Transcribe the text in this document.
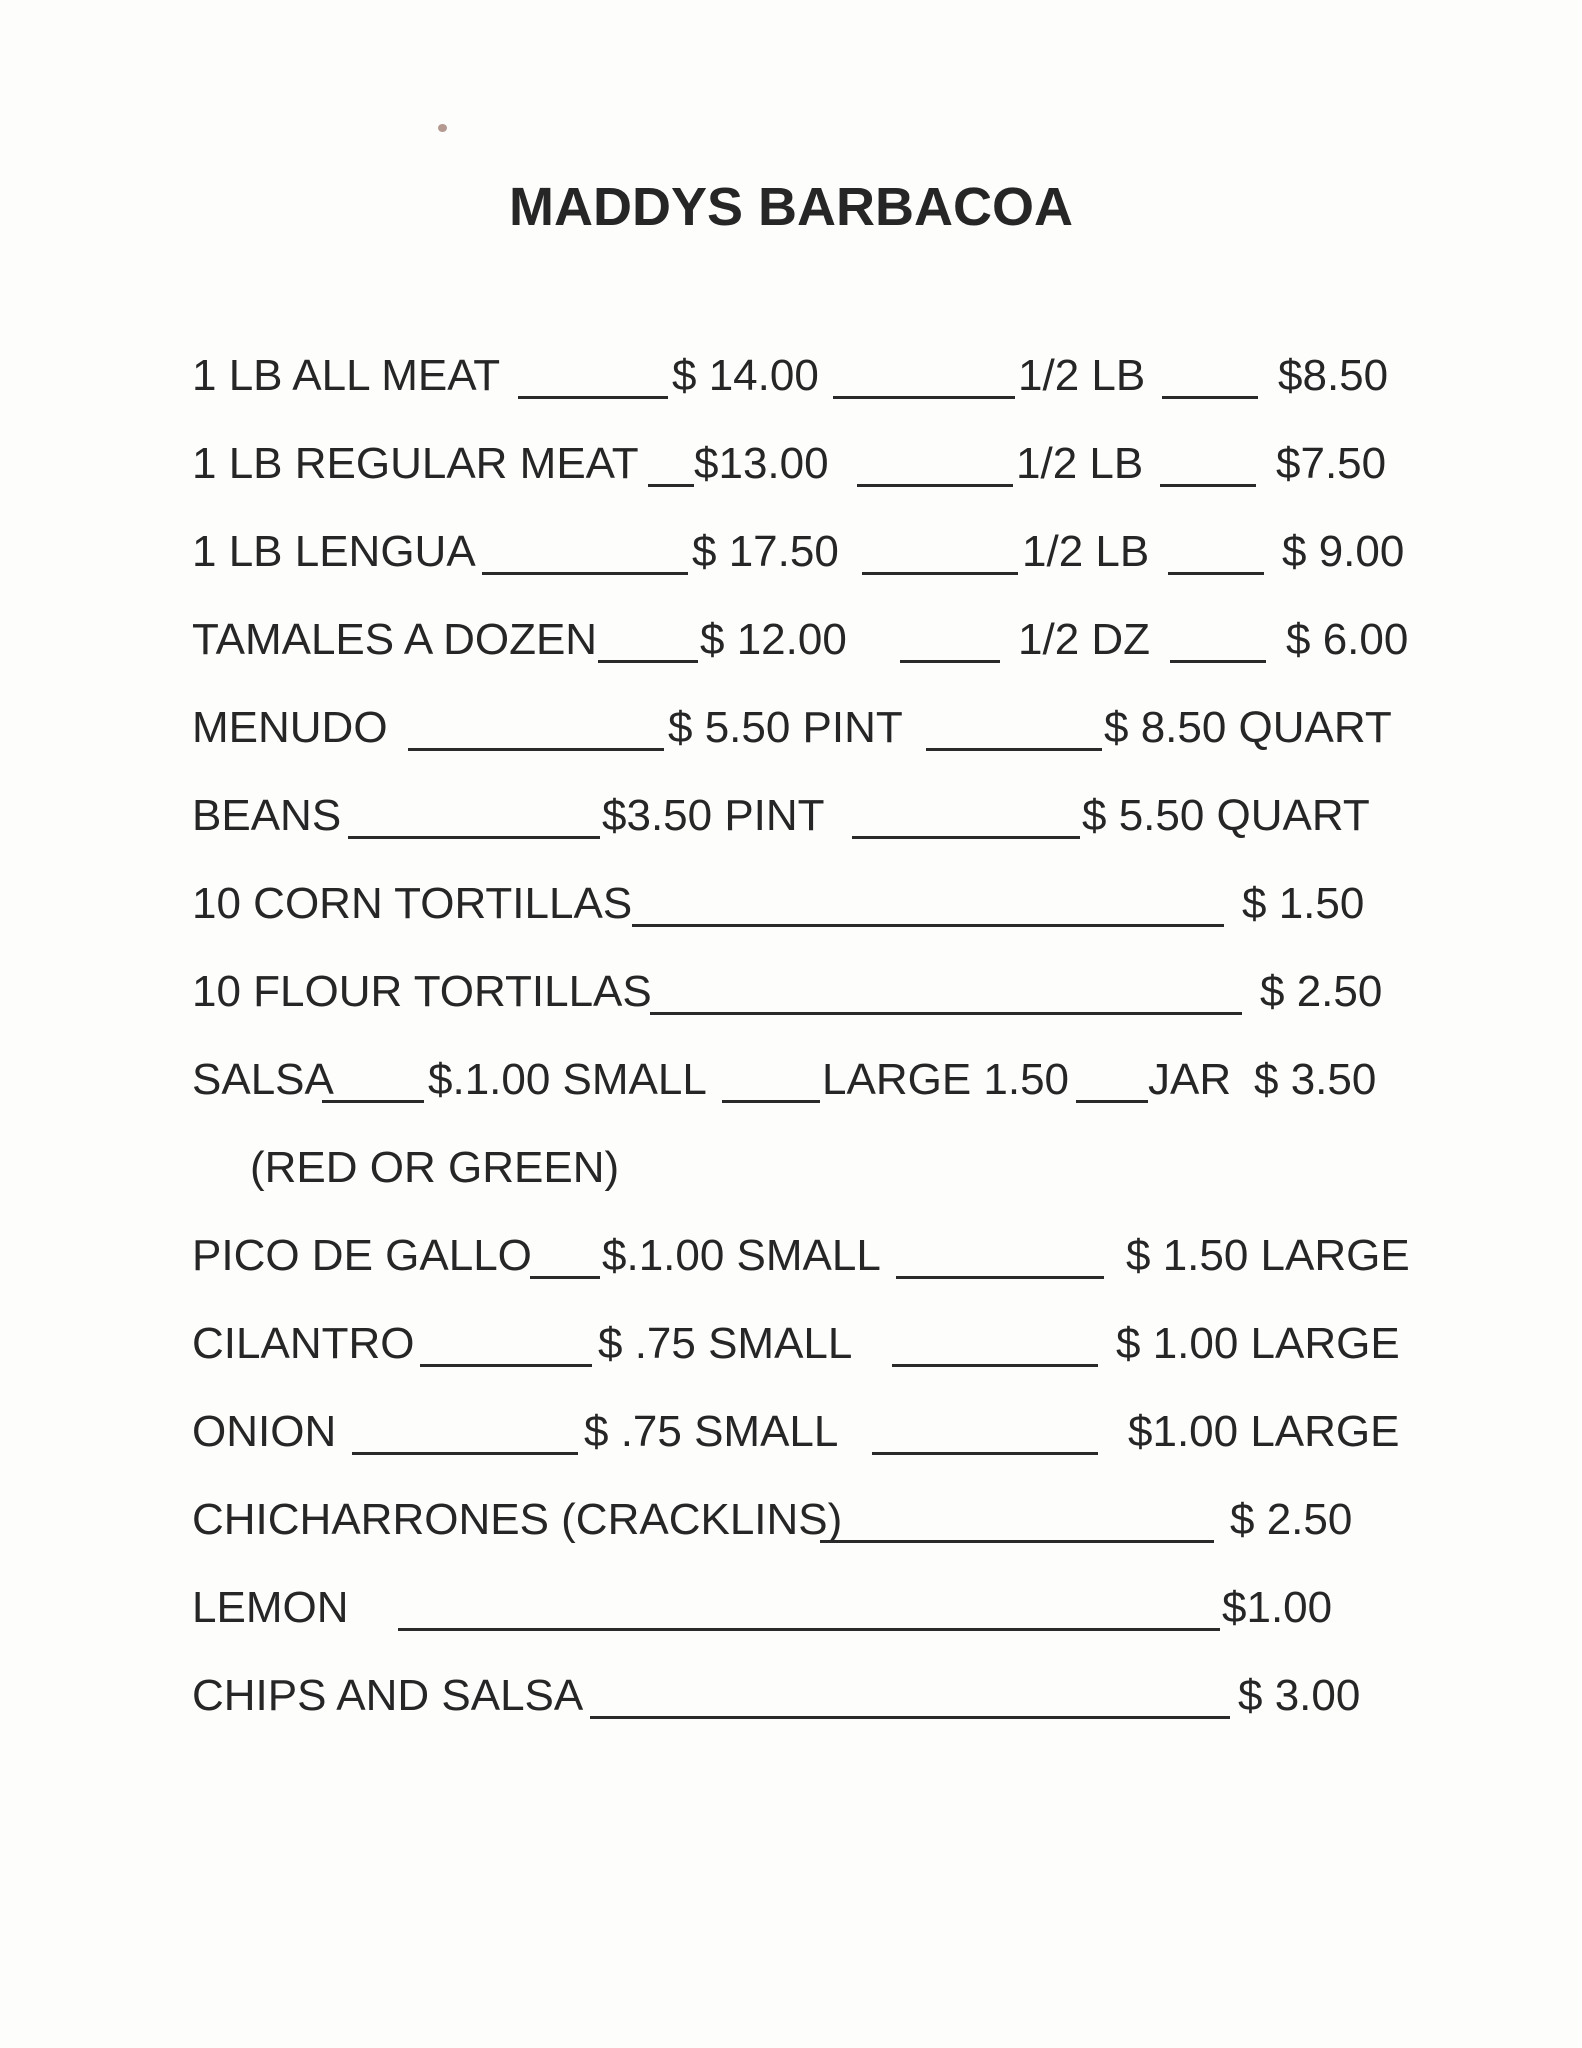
MADDYS BARBACOA
1 LB ALL MEAT	$ 14.00	1/2 LB	$8.50
1 LB REGULAR MEAT $13.00	1/2 LB	$7.50
1 LB LENGUA	$ 17.50	1/2 LB	$ 9.00
TAMALES A DOZEN $ 12.00	1/2 DZ	$ 6.00
MENUDO	$ 5.50 PINT	$ 8.50 QUART
BEANS	$3.50 PINT	$ 5.50 QUART
10 CORN TORTILLAS	$ 1.50
10 FLOUR TORTILLAS	$ 2.50
SALSA $.1.00 SMALL	LARGE 1.50 JAR $ 3.50
(RED OR GREEN)
PICO DE GALLO $.1.00 SMALL	$ 1.50 LARGE
CILANTRO	$ .75 SMALL	$ 1.00 LARGE
ONION	$ .75 SMALL	$1.00 LARGE
CHICHARRONES (CRACKLINS)	$ 2.50
LEMON	$1.00
CHIPS AND SALSA	$ 3.00
